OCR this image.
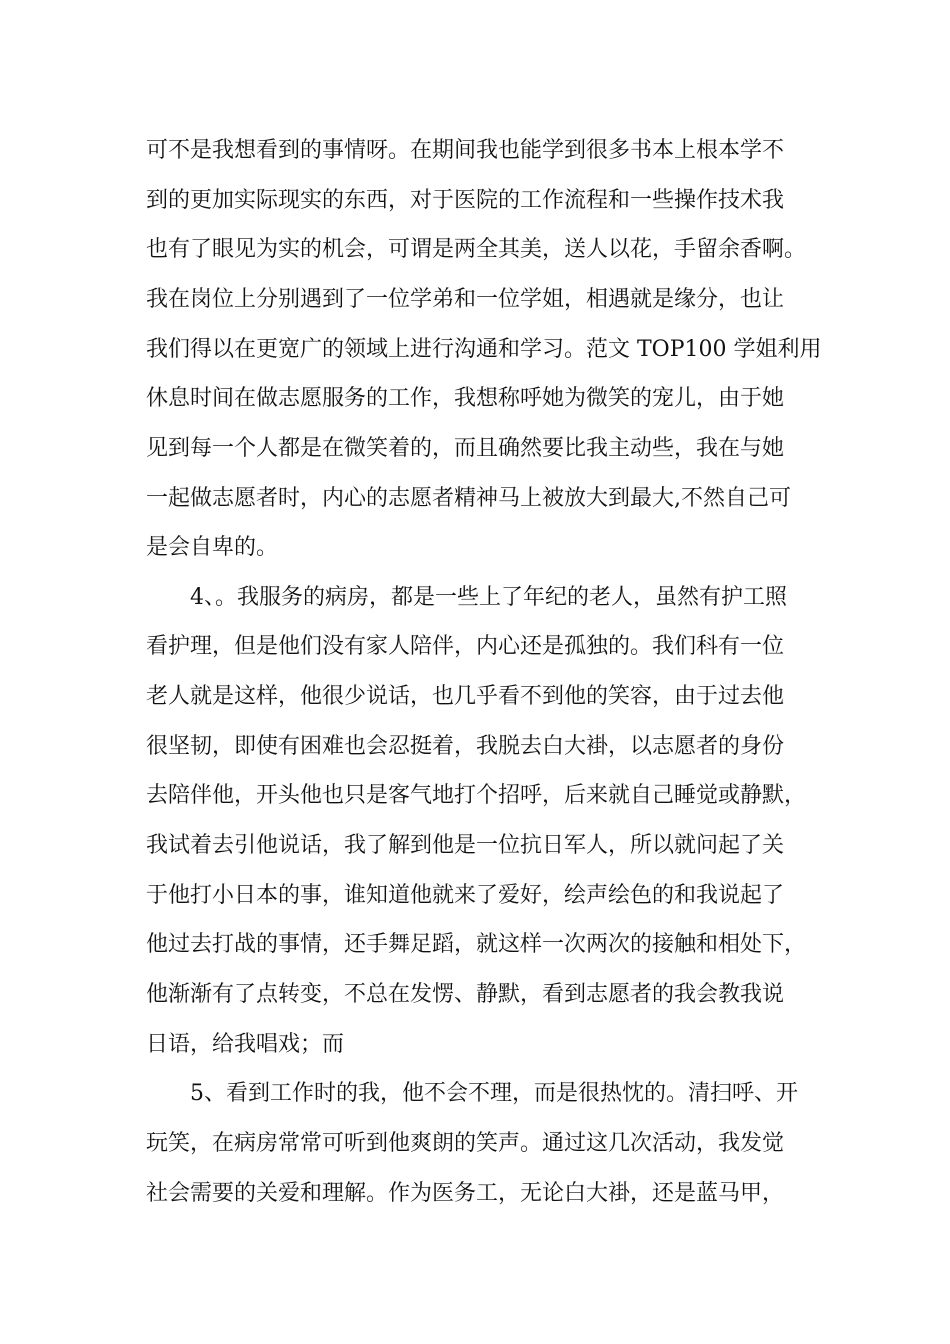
可不是我想看到的事情呀。在期间我也能学到很多书本上根本学不

到的更加实际现实的东西，对于医院的工作流程和一些操作技术我

也有了眼见为实的机会，可谓是两全其美，送人以花，手留余香啊。

我在岗位上分别遇到了一位学弟和一位学姐，相遇就是缘分，也让

我们得以在更宽广的领域上进行沟通和学习。范文 TOP100 学姐利用

休息时间在做志愿服务的工作，我想称呼她为微笑的宠儿，由于她

见到每一个人都是在微笑着的，而且确然要比我主动些，我在与她

一起做志愿者时，内心的志愿者精神马上被放大到最大,不然自己可

是会自卑的。

4、。我服务的病房，都是一些上了年纪的老人，虽然有护工照

看护理，但是他们没有家人陪伴，内心还是孤独的。我们科有一位

老人就是这样，他很少说话，也几乎看不到他的笑容，由于过去他

很坚韧，即使有困难也会忍挺着，我脱去白大褂，以志愿者的身份

去陪伴他，开头他也只是客气地打个招呼，后来就自己睡觉或静默，

我试着去引他说话，我了解到他是一位抗日军人，所以就问起了关

于他打小日本的事，谁知道他就来了爱好，绘声绘色的和我说起了

他过去打战的事情，还手舞足蹈，就这样一次两次的接触和相处下，

他渐渐有了点转变，不总在发愣、静默，看到志愿者的我会教我说

日语，给我唱戏；而

5、看到工作时的我，他不会不理，而是很热忱的。清扫呼、开

玩笑，在病房常常可听到他爽朗的笑声。通过这几次活动，我发觉

社会需要的关爱和理解。作为医务工，无论白大褂，还是蓝马甲，
